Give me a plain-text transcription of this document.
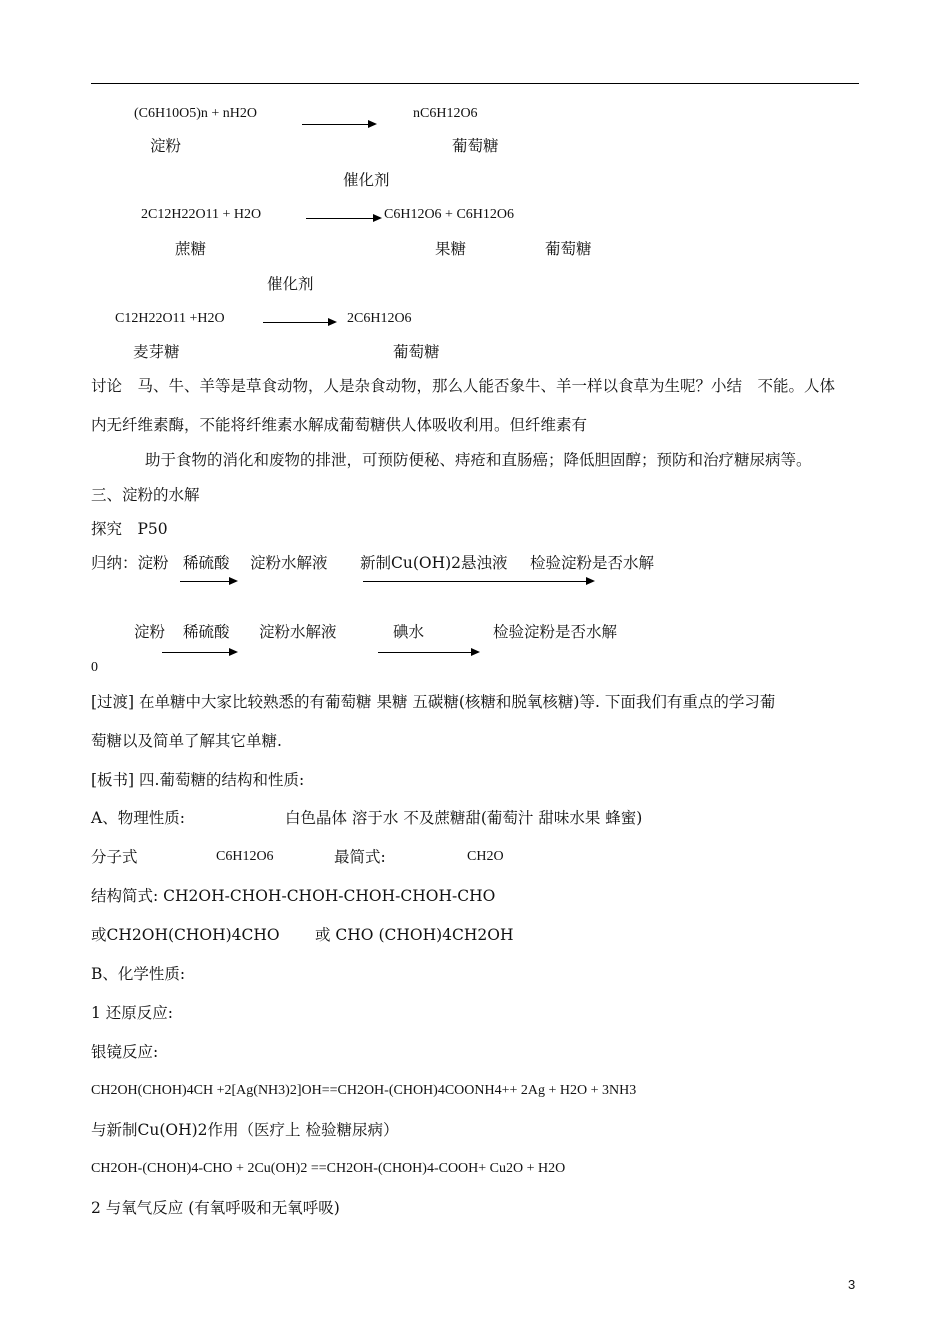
(C6H10O5)n + nH2O	nC6H12O6
淀粉	葡萄糖
催化剂
2C12H22O11 + H2O	C6H12O6 + C6H12O6
蔗糖	果糖	葡萄糖
催化剂
C12H22O11 +H2O	2C6H12O6
麦芽糖	葡萄糖
讨论　马、牛、羊等是草食动物，人是杂食动物，那么人能否象牛、羊一样以食草为生呢？小结　不能。人体
内无纤维素酶，不能将纤维素水解成葡萄糖供人体吸收利用。但纤维素有
助于食物的消化和废物的排泄，可预防便秘、痔疮和直肠癌；降低胆固醇；预防和治疗糖尿病等。
三、淀粉的水解
探究　P50
归纳：淀粉 稀硫酸 淀粉水解液 新制Cu(OH)2悬浊液 检验淀粉是否水解
淀粉 稀硫酸 淀粉水解液	碘水	检验淀粉是否水解
0
[过渡] 在单糖中大家比较熟悉的有葡萄糖 果糖 五碳糖(核糖和脱氧核糖)等. 下面我们有重点的学习葡
萄糖以及简单了解其它单糖.
[板书] 四.葡萄糖的结构和性质:
A、物理性质:	白色晶体 溶于水 不及蔗糖甜(葡萄汁 甜味水果 蜂蜜)
分子式	C6H12O6	最简式:	CH2O
结构简式: CH2OH-CHOH-CHOH-CHOH-CHOH-CHO
或CH2OH(CHOH)4CHO 或 CHO (CHOH)4CH2OH
B、化学性质:
1 还原反应:
银镜反应:
CH2OH(CHOH)4CH +2[Ag(NH3)2]OH==CH2OH-(CHOH)4COONH4++ 2Ag + H2O + 3NH3
与新制Cu(OH)2作用（医疗上 检验糖尿病）
CH2OH-(CHOH)4-CHO + 2Cu(OH)2 ==CH2OH-(CHOH)4-COOH+ Cu2O + H2O
2 与氧气反应 (有氧呼吸和无氧呼吸)
3
